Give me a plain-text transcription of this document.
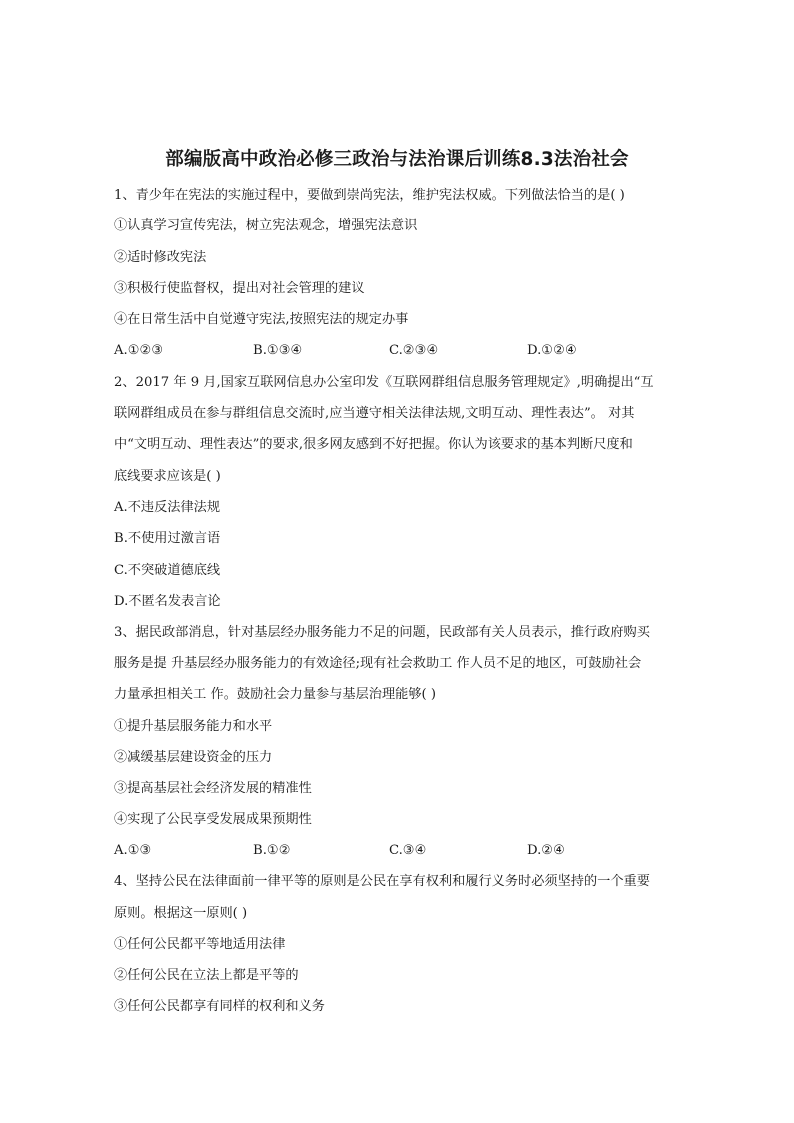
部编版高中政治必修三政治与法治课后训练8.3法治社会
1、青少年在宪法的实施过程中，要做到崇尚宪法，维护宪法权威。下列做法恰当的是( )
①认真学习宣传宪法，树立宪法观念，增强宪法意识
②适时修改宪法
③积极行使监督权，提出对社会管理的建议
④在日常生活中自觉遵守宪法,按照宪法的规定办事
A.①②③	B.①③④	C.②③④	D.①②④
2、2017 年 9 月,国家互联网信息办公室印发《互联网群组信息服务管理规定》,明确提出“互
联网群组成员在参与群组信息交流时,应当遵守相关法律法规,文明互动、理性表达”。 对其
中“文明互动、理性表达”的要求,很多网友感到不好把握。你认为该要求的基本判断尺度和
底线要求应该是( )
A.不违反法律法规
B.不使用过激言语
C.不突破道德底线
D.不匿名发表言论
3、据民政部消息，针对基层经办服务能力不足的问题，民政部有关人员表示，推行政府购买
服务是提 升基层经办服务能力的有效途径;现有社会救助工 作人员不足的地区，可鼓励社会
力量承担相关工 作。鼓励社会力量参与基层治理能够( )
①提升基层服务能力和水平
②减缓基层建设资金的压力
③提高基层社会经济发展的精准性
④实现了公民享受发展成果预期性
A.①③	B.①②	C.③④	D.②④
4、坚持公民在法律面前一律平等的原则是公民在享有权利和履行义务时必须坚持的一个重要
原则。根据这一原则( )
①任何公民都平等地适用法律
②任何公民在立法上都是平等的
③任何公民都享有同样的权利和义务
